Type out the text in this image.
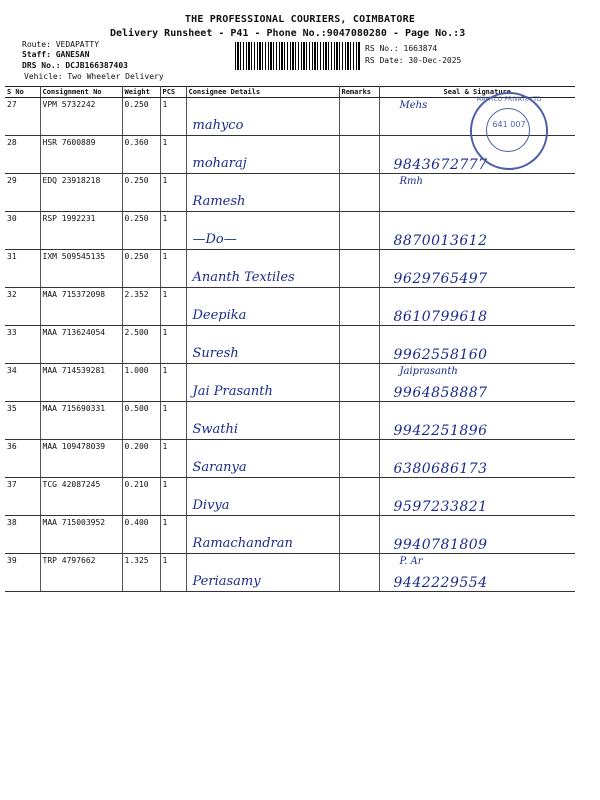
THE PROFESSIONAL COURIERS, COIMBATORE
Delivery Runsheet - P41 - Phone No.:9047080280 - Page No.:3
Route: VEDAPATTY
Staff: GANESAN
DRS No.: DCJB166387403
Vehicle: Two Wheeler Delivery
RS No.: 1663874
RS Date: 30-Dec-2025
S No	Consignment No	Weight	PCS	Consignee Details	Remarks	Seal & Signature
27	VPM 5732242	0.250	1	mahyco		Mehs

28	HSR 7600889	0.360	1	moharaj		9843672777

29	EDQ 23918218	0.250	1	Ramesh		Rmh

30	RSP 1992231	0.250	1	—Do—		8870013612

31	IXM 509545135	0.250	1	Ananth Textiles		9629765497

32	MAA 715372098	2.352	1	Deepika		8610799618

33	MAA 713624054	2.500	1	Suresh		9962558160

34	MAA 714539281	1.000	1	Jai Prasanth		Jaiprasanth
9964858887

35	MAA 715690331	0.500	1	Swathi		9942251896

36	MAA 109478039	0.200	1	Saranya		6380686173

37	TCG 42087245	0.210	1	Divya		9597233821

38	MAA 715003952	0.400	1	Ramachandran		9940781809

39	TRP 4797662	1.325	1	Periasamy		P. Ar
9442229554
MAHYCO PRIVATE LTD
641 007
